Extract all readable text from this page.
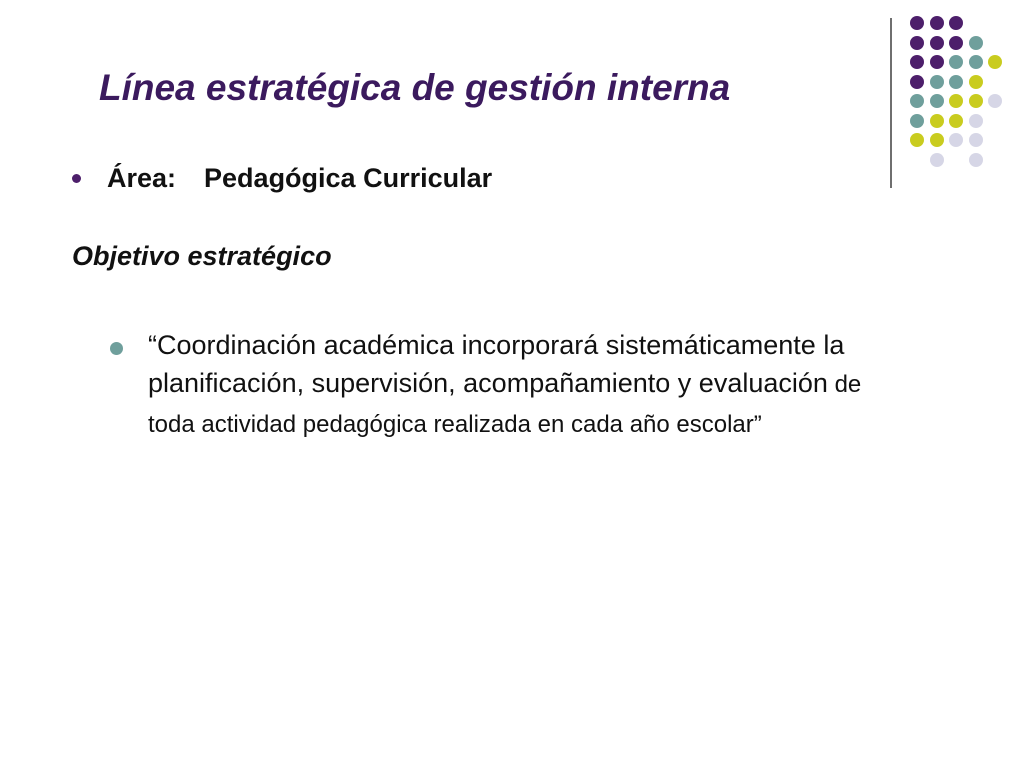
Línea estratégica de gestión interna
Área: Pedagógica Curricular
Objetivo estratégico

“Coordinación académica incorporará sistemáticamente la planificación, supervisión, acompañamiento y evaluación de toda actividad pedagógica realizada en cada año escolar”
